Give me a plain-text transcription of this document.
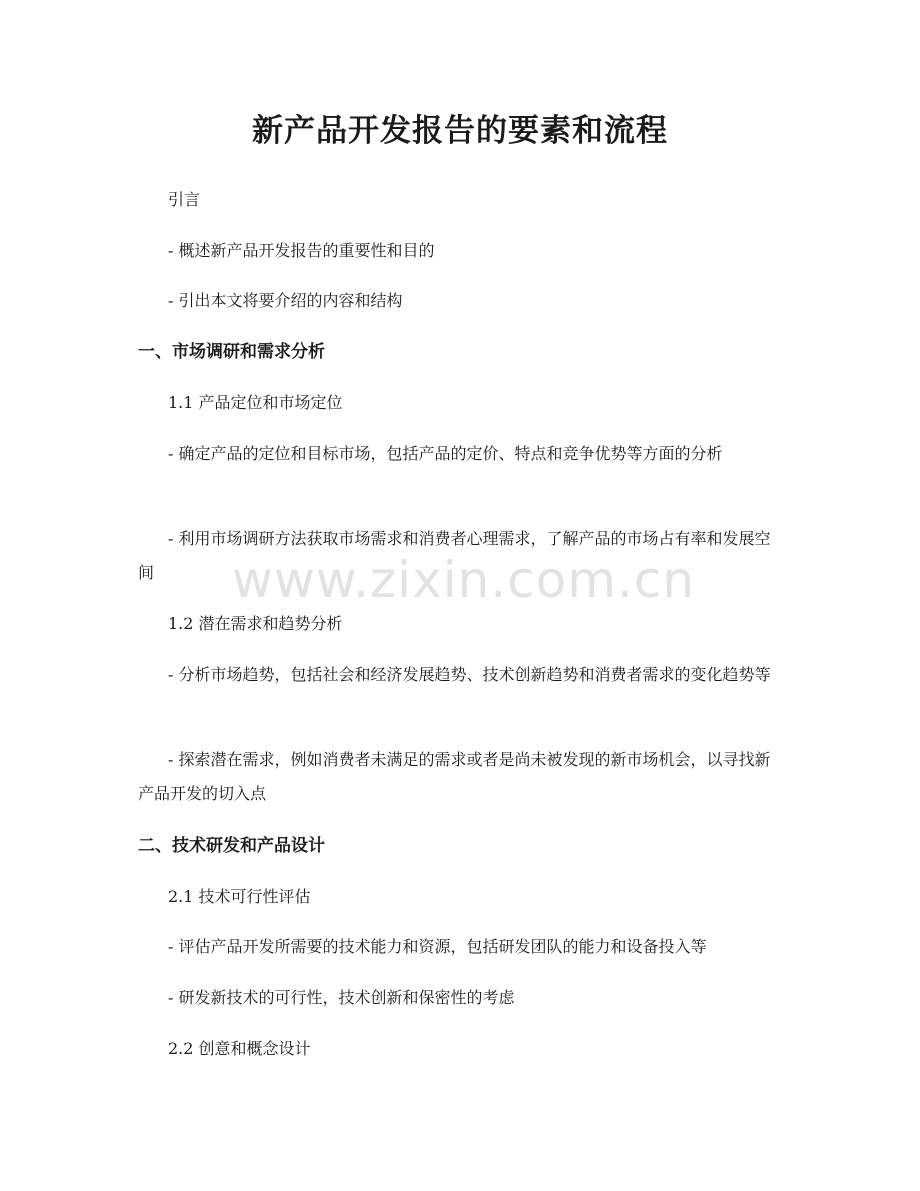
新产品开发报告的要素和流程

引言

- 概述新产品开发报告的重要性和目的

- 引出本文将要介绍的内容和结构

一、市场调研和需求分析

1.1 产品定位和市场定位

- 确定产品的定位和目标市场，包括产品的定价、特点和竞争优势等方面的分析

- 利用市场调研方法获取市场需求和消费者心理需求，了解产品的市场占有率和发展空间

1.2 潜在需求和趋势分析

- 分析市场趋势，包括社会和经济发展趋势、技术创新趋势和消费者需求的变化趋势等

- 探索潜在需求，例如消费者未满足的需求或者是尚未被发现的新市场机会，以寻找新产品开发的切入点

二、技术研发和产品设计

2.1 技术可行性评估

- 评估产品开发所需要的技术能力和资源，包括研发团队的能力和设备投入等

- 研发新技术的可行性，技术创新和保密性的考虑

2.2 创意和概念设计

www.zixin.com.cn
